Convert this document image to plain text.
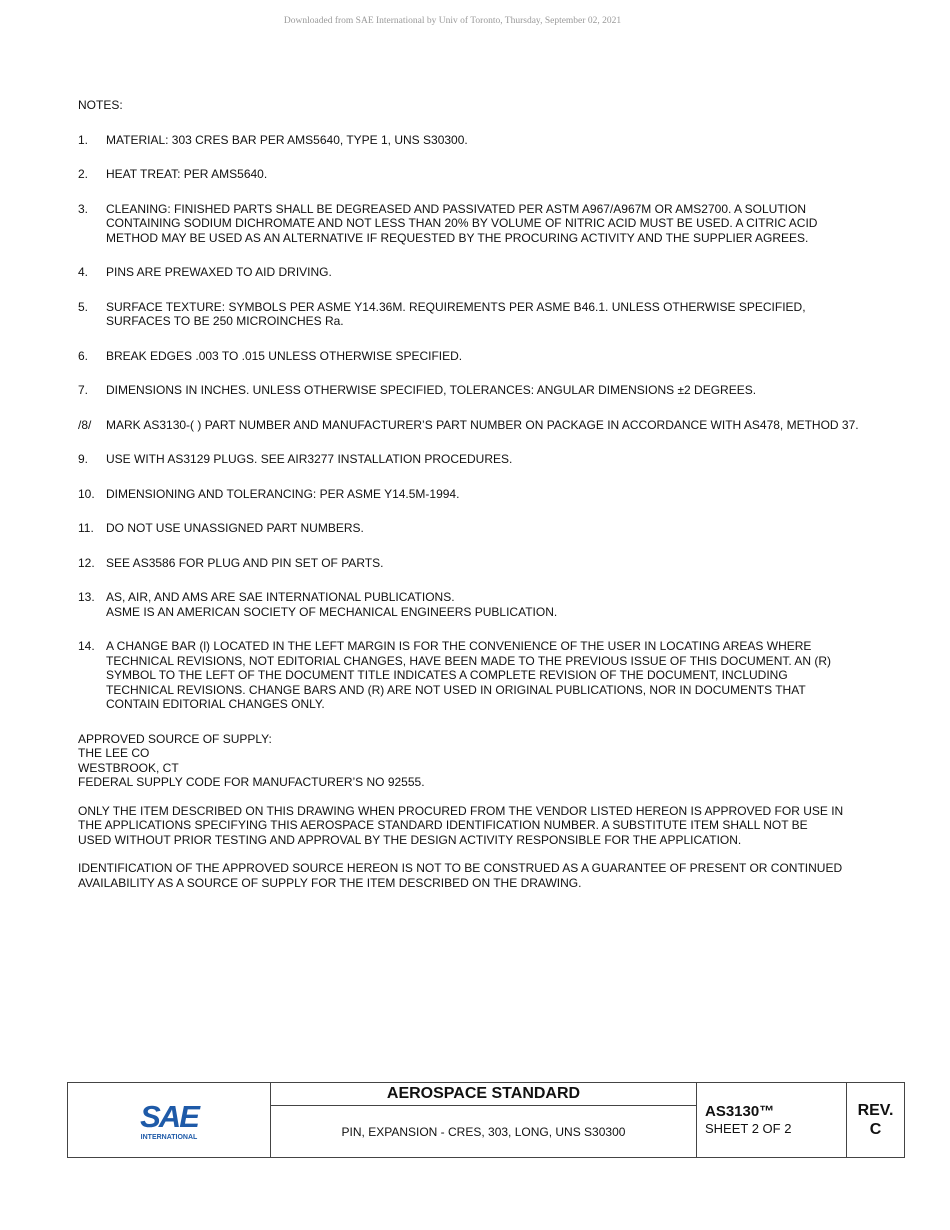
Downloaded from SAE International by Univ of Toronto, Thursday, September 02, 2021
NOTES:
1.	MATERIAL: 303 CRES BAR PER AMS5640, TYPE 1, UNS S30300.
2.	HEAT TREAT: PER AMS5640.
3.	CLEANING: FINISHED PARTS SHALL BE DEGREASED AND PASSIVATED PER ASTM A967/A967M OR AMS2700. A SOLUTION
CONTAINING SODIUM DICHROMATE AND NOT LESS THAN 20% BY VOLUME OF NITRIC ACID MUST BE USED. A CITRIC ACID
METHOD MAY BE USED AS AN ALTERNATIVE IF REQUESTED BY THE PROCURING ACTIVITY AND THE SUPPLIER AGREES.
4.	PINS ARE PREWAXED TO AID DRIVING.
5.	SURFACE TEXTURE: SYMBOLS PER ASME Y14.36M. REQUIREMENTS PER ASME B46.1. UNLESS OTHERWISE SPECIFIED,
SURFACES TO BE 250 MICROINCHES Ra.
6.	BREAK EDGES .003 TO .015 UNLESS OTHERWISE SPECIFIED.
7.	DIMENSIONS IN INCHES. UNLESS OTHERWISE SPECIFIED, TOLERANCES: ANGULAR DIMENSIONS ±2 DEGREES.
/8/	MARK AS3130-( ) PART NUMBER AND MANUFACTURER’S PART NUMBER ON PACKAGE IN ACCORDANCE WITH AS478, METHOD 37.
9.	USE WITH AS3129 PLUGS. SEE AIR3277 INSTALLATION PROCEDURES.
10. DIMENSIONING AND TOLERANCING: PER ASME Y14.5M-1994.
11.	DO NOT USE UNASSIGNED PART NUMBERS.
12. SEE AS3586 FOR PLUG AND PIN SET OF PARTS.
13. AS, AIR, AND AMS ARE SAE INTERNATIONAL PUBLICATIONS.
ASME IS AN AMERICAN SOCIETY OF MECHANICAL ENGINEERS PUBLICATION.
14. A CHANGE BAR (l) LOCATED IN THE LEFT MARGIN IS FOR THE CONVENIENCE OF THE USER IN LOCATING AREAS WHERE
TECHNICAL REVISIONS, NOT EDITORIAL CHANGES, HAVE BEEN MADE TO THE PREVIOUS ISSUE OF THIS DOCUMENT. AN (R)
SYMBOL TO THE LEFT OF THE DOCUMENT TITLE INDICATES A COMPLETE REVISION OF THE DOCUMENT, INCLUDING
TECHNICAL REVISIONS. CHANGE BARS AND (R) ARE NOT USED IN ORIGINAL PUBLICATIONS, NOR IN DOCUMENTS THAT
CONTAIN EDITORIAL CHANGES ONLY.
APPROVED SOURCE OF SUPPLY:
THE LEE CO
WESTBROOK, CT
FEDERAL SUPPLY CODE FOR MANUFACTURER’S NO 92555.
ONLY THE ITEM DESCRIBED ON THIS DRAWING WHEN PROCURED FROM THE VENDOR LISTED HEREON IS APPROVED FOR USE IN
THE APPLICATIONS SPECIFYING THIS AEROSPACE STANDARD IDENTIFICATION NUMBER. A SUBSTITUTE ITEM SHALL NOT BE
USED WITHOUT PRIOR TESTING AND APPROVAL BY THE DESIGN ACTIVITY RESPONSIBLE FOR THE APPLICATION.
IDENTIFICATION OF THE APPROVED SOURCE HEREON IS NOT TO BE CONSTRUED AS A GUARANTEE OF PRESENT OR CONTINUED
AVAILABILITY AS A SOURCE OF SUPPLY FOR THE ITEM DESCRIBED ON THE DRAWING.
SAE
INTERNATIONAL
AEROSPACE STANDARD
PIN, EXPANSION - CRES, 303, LONG, UNS S30300
AS3130™
SHEET 2 OF 2
REV.
C
